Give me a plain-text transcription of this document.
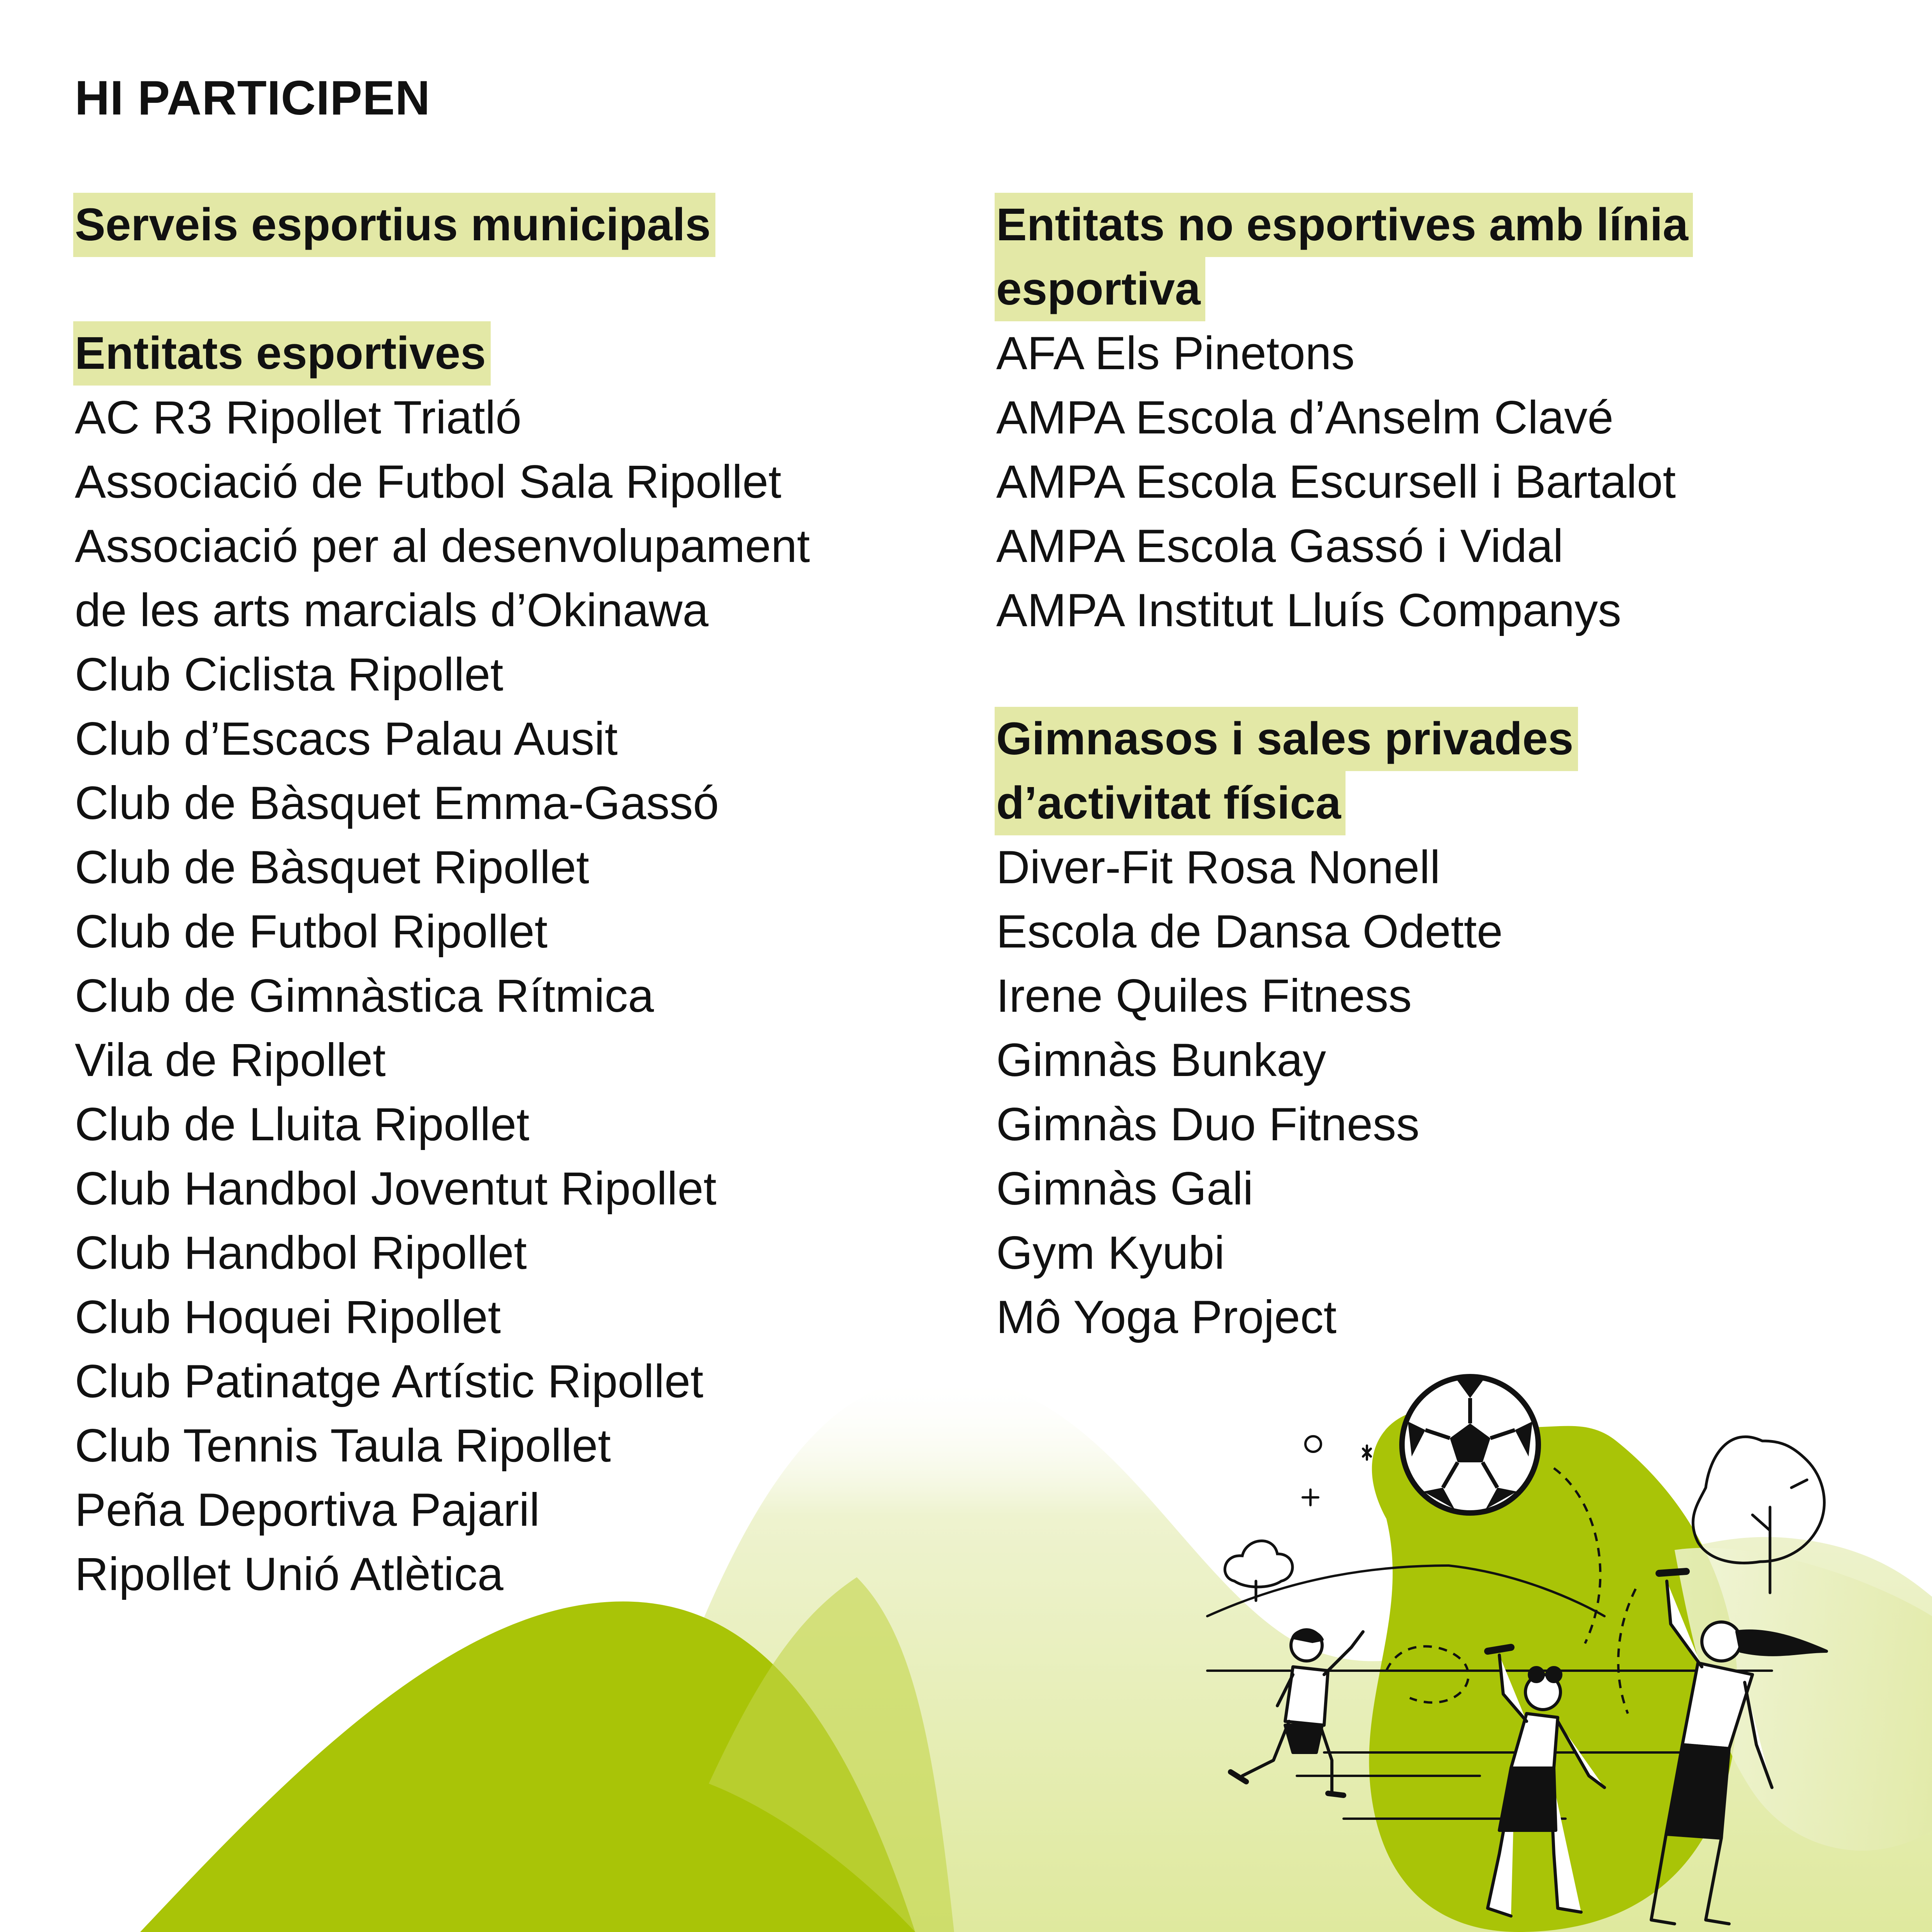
HI PARTICIPEN
Serveis esportius municipals
Entitats esportives
AC R3 Ripollet Triatló
Associació de Futbol Sala Ripollet
Associació per al desenvolupament
de les arts marcials d’Okinawa
Club Ciclista Ripollet
Club d’Escacs Palau Ausit
Club de Bàsquet Emma-Gassó
Club de Bàsquet Ripollet
Club de Futbol Ripollet
Club de Gimnàstica Rítmica
Vila de Ripollet
Club de Lluita Ripollet
Club Handbol Joventut Ripollet
Club Handbol Ripollet
Club Hoquei Ripollet
Club Patinatge Artístic Ripollet
Club Tennis Taula Ripollet
Peña Deportiva Pajaril
Ripollet Unió Atlètica
Entitats no esportives amb línia
esportiva
AFA Els Pinetons
AMPA Escola d’Anselm Clavé
AMPA Escola Escursell i Bartalot
AMPA Escola Gassó i Vidal
AMPA Institut Lluís Companys
Gimnasos i sales privades
d’activitat física
Diver-Fit Rosa Nonell
Escola de Dansa Odette
Irene Quiles Fitness
Gimnàs Bunkay
Gimnàs Duo Fitness
Gimnàs Gali
Gym Kyubi
Mô Yoga Project
